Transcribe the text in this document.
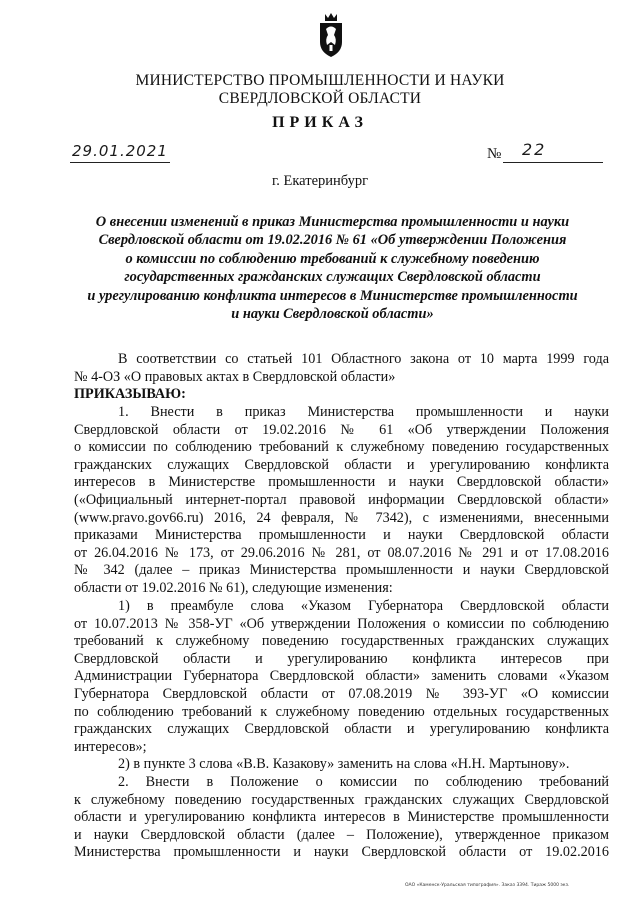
МИНИСТЕРСТВО ПРОМЫШЛЕННОСТИ И НАУКИ
СВЕРДЛОВСКОЙ ОБЛАСТИ
ПРИКАЗ
29.01.2021	№ 22
г. Екатеринбург
О внесении изменений в приказ Министерства промышленности и науки
Свердловской области от 19.02.2016 № 61 «Об утверждении Положения
о комиссии по соблюдению требований к служебному поведению
государственных гражданских служащих Свердловской области
и урегулированию конфликта интересов в Министерстве промышленности
и науки Свердловской области»
В соответствии со статьей 101 Областного закона от 10 марта 1999 года
№ 4-ОЗ «О правовых актах в Свердловской области»
ПРИКАЗЫВАЮ:
1. Внести в приказ Министерства промышленности и науки
Свердловской области от 19.02.2016 № 61 «Об утверждении Положения
о комиссии по соблюдению требований к служебному поведению государственных
гражданских служащих Свердловской области и урегулированию конфликта
интересов в Министерстве промышленности и науки Свердловской области»
(«Официальный интернет-портал правовой информации Свердловской области»
(www.pravo.gov66.ru) 2016, 24 февраля, № 7342), с изменениями, внесенными
приказами Министерства промышленности и науки Свердловской области
от 26.04.2016 № 173, от 29.06.2016 № 281, от 08.07.2016 № 291 и от 17.08.2016
№ 342 (далее – приказ Министерства промышленности и науки Свердловской
области от 19.02.2016 № 61), следующие изменения:
1) в преамбуле слова «Указом Губернатора Свердловской области
от 10.07.2013 № 358-УГ «Об утверждении Положения о комиссии по соблюдению
требований к служебному поведению государственных гражданских служащих
Свердловской области и урегулированию конфликта интересов при
Администрации Губернатора Свердловской области» заменить словами «Указом
Губернатора Свердловской области от 07.08.2019 № 393-УГ «О комиссии
по соблюдению требований к служебному поведению отдельных государственных
гражданских служащих Свердловской области и урегулированию конфликта
интересов»;
2) в пункте 3 слова «В.В. Казакову» заменить на слова «Н.Н. Мартынову».
2. Внести в Положение о комиссии по соблюдению требований
к служебному поведению государственных гражданских служащих Свердловской
области и урегулированию конфликта интересов в Министерстве промышленности
и науки Свердловской области (далее – Положение), утвержденное приказом
Министерства промышленности и науки Свердловской области от 19.02.2016
ОАО «Каменск-Уральская типография». Заказ 3394. Тираж 5000 экз.
